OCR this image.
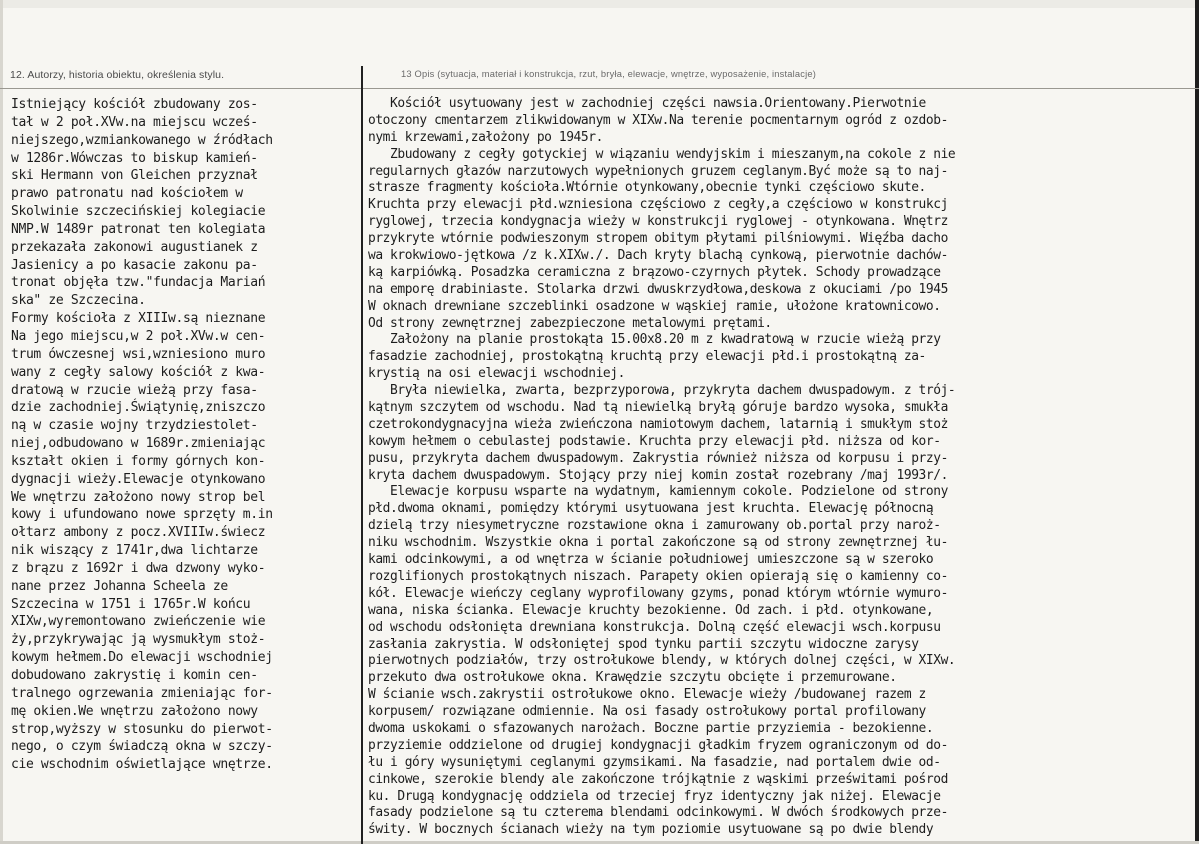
12. Autorzy, historia obiektu, określenia stylu.	13 Opis (sytuacja, materiał i konstrukcja, rzut, bryła, elewacje, wnętrze, wyposażenie, instalacje)
Istniejący kościół zbudowany zos-
tał w 2 poł.XVw.na miejscu wcześ-
niejszego,wzmiankowanego w źródłach
w 1286r.Wówczas to biskup kamień-
ski Hermann von Gleichen przyznał
prawo patronatu nad kościołem w
Skolwinie szczecińskiej kolegiacie
NMP.W 1489r patronat ten kolegiata
przekazała zakonowi augustianek z
Jasienicy a po kasacie zakonu pa-
tronat objęła tzw."fundacja Mariań
ska" ze Szczecina.
Formy kościoła z XIIIw.są nieznane
Na jego miejscu,w 2 poł.XVw.w cen-
trum ówczesnej wsi,wzniesiono muro
wany z cegły salowy kościół z kwa-
dratową w rzucie wieżą przy fasa-
dzie zachodniej.Świątynię,zniszczo
ną w czasie wojny trzydziestolet-
niej,odbudowano w 1689r.zmieniając
kształt okien i formy górnych kon-
dygnacji wieży.Elewacje otynkowano
We wnętrzu założono nowy strop bel
kowy i ufundowano nowe sprzęty m.in
ołtarz ambony z pocz.XVIIIw.świecz
nik wiszący z 1741r,dwa lichtarze
z brązu z 1692r i dwa dzwony wyko-
nane przez Johanna Scheela ze
Szczecina w 1751 i 1765r.W końcu
XIXw,wyremontowano zwieńczenie wie
ży,przykrywając ją wysmukłym stoż-
kowym hełmem.Do elewacji wschodniej
dobudowano zakrystię i komin cen-
tralnego ogrzewania zmieniając for-
mę okien.We wnętrzu założono nowy
strop,wyższy w stosunku do pierwot-
nego, o czym świadczą okna w szczy-
cie wschodnim oświetlające wnętrze.
Kościół usytuowany jest w zachodniej części nawsia.Orientowany.Pierwotnie
otoczony cmentarzem zlikwidowanym w XIXw.Na terenie pocmentarnym ogród z ozdob-
nymi krzewami,założony po 1945r.
Zbudowany z cegły gotyckiej w wiązaniu wendyjskim i mieszanym,na cokole z nie
regularnych głazów narzutowych wypełnionych gruzem ceglanym.Być może są to naj-
strasze fragmenty kościoła.Wtórnie otynkowany,obecnie tynki częściowo skute.
Kruchta przy elewacji płd.wzniesiona częściowo z cegły,a częściowo w konstrukcj
ryglowej, trzecia kondygnacja wieży w konstrukcji ryglowej - otynkowana. Wnętrz
przykryte wtórnie podwieszonym stropem obitym płytami pilśniowymi. Więźba dacho
wa krokwiowo-jętkowa /z k.XIXw./. Dach kryty blachą cynkową, pierwotnie dachów-
ką karpiówką. Posadzka ceramiczna z brązowo-czyrnych płytek. Schody prowadzące
na emporę drabiniaste. Stolarka drzwi dwuskrzydłowa,deskowa z okuciami /po 1945
W oknach drewniane szczeblinki osadzone w wąskiej ramie, ułożone kratownicowo.
Od strony zewnętrznej zabezpieczone metalowymi prętami.
Założony na planie prostokąta 15.00x8.20 m z kwadratową w rzucie wieżą przy
fasadzie zachodniej, prostokątną kruchtą przy elewacji płd.i prostokątną za-
krystią na osi elewacji wschodniej.
Bryła niewielka, zwarta, bezprzyporowa, przykryta dachem dwuspadowym. z trój-
kątnym szczytem od wschodu. Nad tą niewielką bryłą góruje bardzo wysoka, smukła
czetrokondygnacyjna wieża zwieńczona namiotowym dachem, latarnią i smukłym stoż
kowym hełmem o cebulastej podstawie. Kruchta przy elewacji płd. niższa od kor-
pusu, przykryta dachem dwuspadowym. Zakrystia również niższa od korpusu i przy-
kryta dachem dwuspadowym. Stojący przy niej komin został rozebrany /maj 1993r/.
Elewacje korpusu wsparte na wydatnym, kamiennym cokole. Podzielone od strony
płd.dwoma oknami, pomiędzy którymi usytuowana jest kruchta. Elewację północną
dzielą trzy niesymetryczne rozstawione okna i zamurowany ob.portal przy naroż-
niku wschodnim. Wszystkie okna i portal zakończone są od strony zewnętrznej łu-
kami odcinkowymi, a od wnętrza w ścianie południowej umieszczone są w szeroko
rozglifionych prostokątnych niszach. Parapety okien opierają się o kamienny co-
kół. Elewacje wieńczy ceglany wyprofilowany gzyms, ponad którym wtórnie wymuro-
wana, niska ścianka. Elewacje kruchty bezokienne. Od zach. i płd. otynkowane,
od wschodu odsłonięta drewniana konstrukcja. Dolną część elewacji wsch.korpusu
zasłania zakrystia. W odsłoniętej spod tynku partii szczytu widoczne zarysy
pierwotnych podziałów, trzy ostrołukowe blendy, w których dolnej części, w XIXw.
przekuto dwa ostrołukowe okna. Krawędzie szczytu obcięte i przemurowane.
W ścianie wsch.zakrystii ostrołukowe okno. Elewacje wieży /budowanej razem z
korpusem/ rozwiązane odmiennie. Na osi fasady ostrołukowy portal profilowany
dwoma uskokami o sfazowanych narożach. Boczne partie przyziemia - bezokienne.
przyziemie oddzielone od drugiej kondygnacji gładkim fryzem ograniczonym od do-
łu i góry wysuniętymi ceglanymi gzymsikami. Na fasadzie, nad portalem dwie od-
cinkowe, szerokie blendy ale zakończone trójkątnie z wąskimi prześwitami pośrod
ku. Drugą kondygnację oddziela od trzeciej fryz identyczny jak niżej. Elewacje
fasady podzielone są tu czterema blendami odcinkowymi. W dwóch środkowych prze-
świty. W bocznych ścianach wieży na tym poziomie usytuowane są po dwie blendy
